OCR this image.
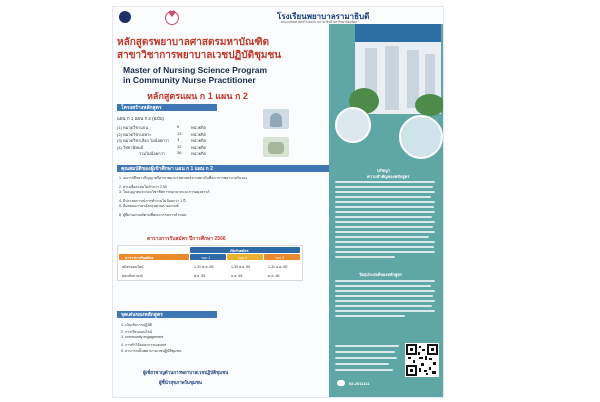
♥
โรงเรียนพยาบาลรามาธิบดี
คณะแพทยศาสตร์โรงพยาบาลรามาธิบดี มหาวิทยาลัยมหิดล
หลักสูตรพยาบาลศาสตรมหาบัณฑิต
สาขาวิชาการพยาบาลเวชปฏิบัติชุมชน
Master of Nursing Science Program
in Community Nurse Practitioner
หลักสูตรแผน ก 1 แผน ก 2
โครงสร้างหลักสูตร
แผน ก 1 แผน ก 2 (ฉบับ)
(1) หมวดวิชาแกน	9	หน่วยกิต
(2) หมวดวิชาเฉพาะ	13 หน่วยกิต
(3) หมวดวิชาเลือก ไม่น้อยกว่า 3	หน่วยกิต
(4) วิทยานิพนธ์	12 หน่วยกิต
รวมไม่น้อยกว่า	36 หน่วยกิต
คุณสมบัติของผู้เข้าศึกษา แผน ก 1 แผน ก 2
1. จบการศึกษาปริญญาตรีสาขาพยาบาลศาสตร์จากสถาบันที่สภาการพยาบาลรับรอง
2. ค่าเฉลี่ยสะสมไม่ต่ำกว่า 2.50
3. ใบอนุญาตประกอบวิชาชีพการพยาบาลและการผดุงครรภ์
4. มีประสบการณ์การทำงานไม่น้อยกว่า 1 ปี
5. มีผลสอบภาษาอังกฤษผ่านตามเกณฑ์
6. ผู้ที่ผ่านเกณฑ์ตามที่คณะกรรมการกำหนด
ตารางการรับสมัคร ปีการศึกษา 2566
เปิดรับสมัคร
ตารางการรับสมัคร	รอบ 1	รอบ 2	รอบ 3
สมัครออนไลน์	1-31 ต.ค. 65	1-30 พ.ย. 65	1-31 ธ.ค. 65
สอบสัมภาษณ์	พ.ย. 65	ธ.ค. 65	ม.ค. 66
จุดเด่นของหลักสูตร
1. เน้นเชิงการปฏิบัติ
2. การเรียนออนไลน์
3. community engagement
4. การทำวิจัยและการเผยแพร่
5. สามารถเป็นพยาบาลเวชปฏิบัติชุมชน
ผู้เชี่ยวชาญด้านการพยาบาลเวชปฏิบัติชุมชน
ผู้ชี้นำสุขภาพในชุมชน
ปรัชญา
ความสำคัญของหลักสูตร
วัตถุประสงค์ของหลักสูตร
02-2011111
